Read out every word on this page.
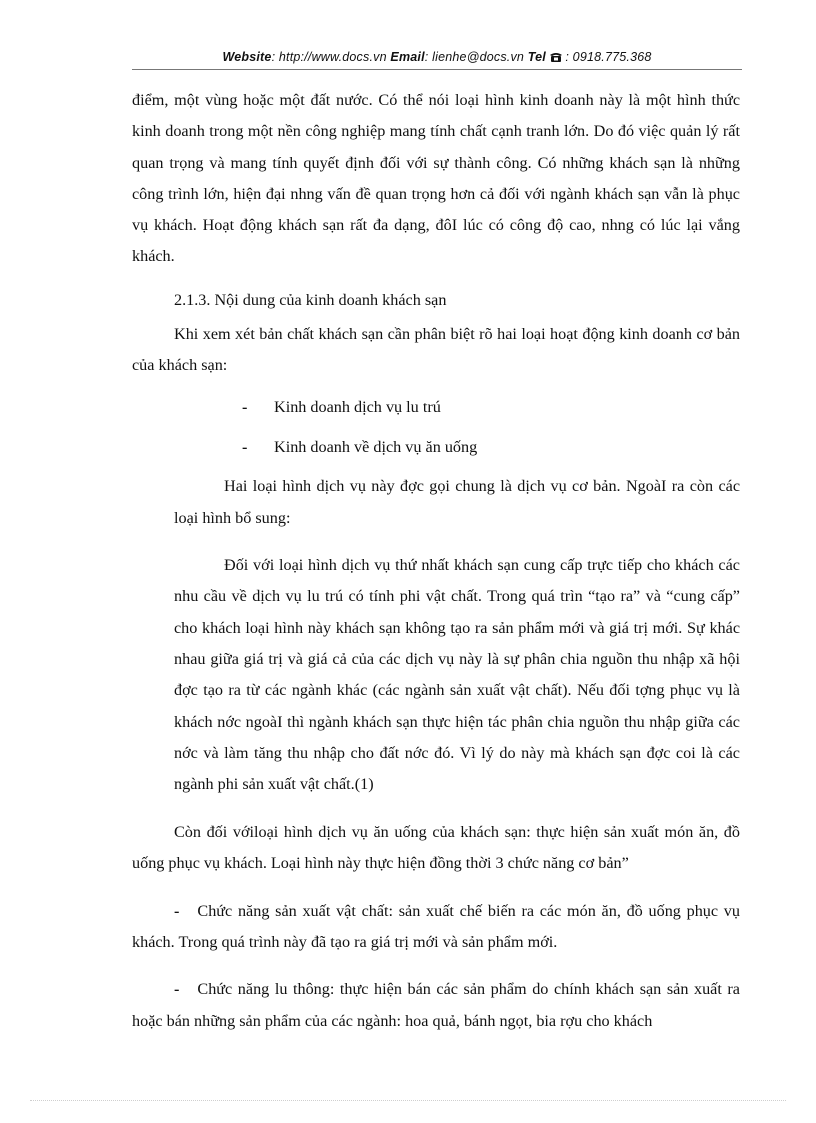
Website: http://www.docs.vn Email: lienhe@docs.vn Tel : 0918.775.368

điểm, một vùng hoặc một đất nước. Có thể nói loại hình kinh doanh này là một hình thức kinh doanh trong một nền công nghiệp mang tính chất cạnh tranh lớn. Do đó việc quản lý rất quan trọng và mang tính quyết định đối với sự thành công. Có những khách sạn là những công trình lớn, hiện đại nhng vấn đề quan trọng hơn cả đối với ngành khách sạn vẫn là phục vụ khách. Hoạt động khách sạn rất đa dạng, đôI lúc có công độ cao, nhng có lúc lại vắng khách.

2.1.3. Nội dung của kinh doanh khách sạn

Khi xem xét bản chất khách sạn cần phân biệt rõ hai loại hoạt động kinh doanh cơ bản của khách sạn:

-	Kinh doanh dịch vụ lu trú
-	Kinh doanh về dịch vụ ăn uống

Hai loại hình dịch vụ này đợc gọi chung là dịch vụ cơ bản. NgoàI ra còn các loại hình bổ sung:

Đối với loại hình dịch vụ thứ nhất khách sạn cung cấp trực tiếp cho khách các nhu cầu về dịch vụ lu trú có tính phi vật chất. Trong quá trìn “tạo ra” và “cung cấp” cho khách loại hình này khách sạn không tạo ra sản phẩm mới và giá trị mới. Sự khác nhau giữa giá trị và giá cả của các dịch vụ này là sự phân chia nguồn thu nhập xã hội đợc tạo ra từ các ngành khác (các ngành sản xuất vật chất). Nếu đối tợng phục vụ là khách nớc ngoàI thì ngành khách sạn thực hiện tác phân chia nguồn thu nhập giữa các nớc và làm tăng thu nhập cho đất nớc đó. Vì lý do này mà khách sạn đợc coi là các ngành phi sản xuất vật chất.(1)

Còn đối vớiloại hình dịch vụ ăn uống của khách sạn: thực hiện sản xuất món ăn, đồ uống phục vụ khách. Loại hình này thực hiện đồng thời 3 chức năng cơ bản”

- Chức năng sản xuất vật chất: sản xuất chế biến ra các món ăn, đồ uống phục vụ khách. Trong quá trình này đã tạo ra giá trị mới và sản phẩm mới.

- Chức năng lu thông: thực hiện bán các sản phẩm do chính khách sạn sản xuất ra hoặc bán những sản phẩm của các ngành: hoa quả, bánh ngọt, bia rợu cho khách
